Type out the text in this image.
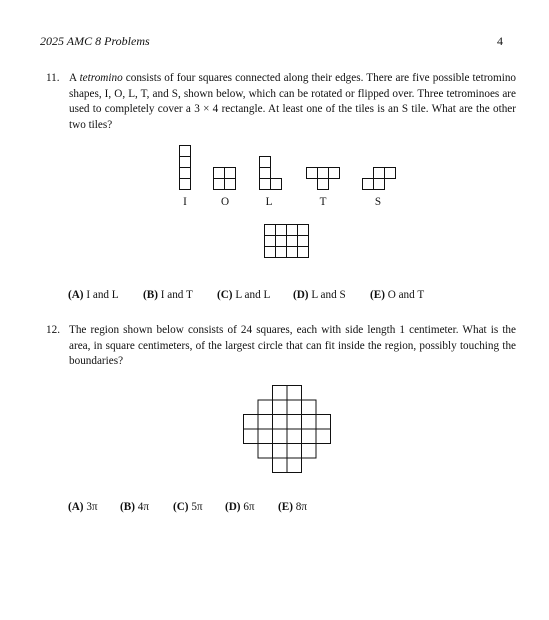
2025 AMC 8 Problems	4
11. A tetromino consists of four squares connected along their edges. There are five possible tetromino shapes, I, O, L, T, and S, shown below, which can be rotated or flipped over. Three tetrominoes are used to completely cover a 3 × 4 rectangle. At least one of the tiles is an S tile. What are the other two tiles?
I	O	L	T	S
(A) I and L (B) I and T (C) L and L (D) L and S (E) O and T
12. The region shown below consists of 24 squares, each with side length 1 centimeter. What is the area, in square centimeters, of the largest circle that can fit inside the region, possibly touching the boundaries?
(A) 3π (B) 4π (C) 5π (D) 6π (E) 8π
